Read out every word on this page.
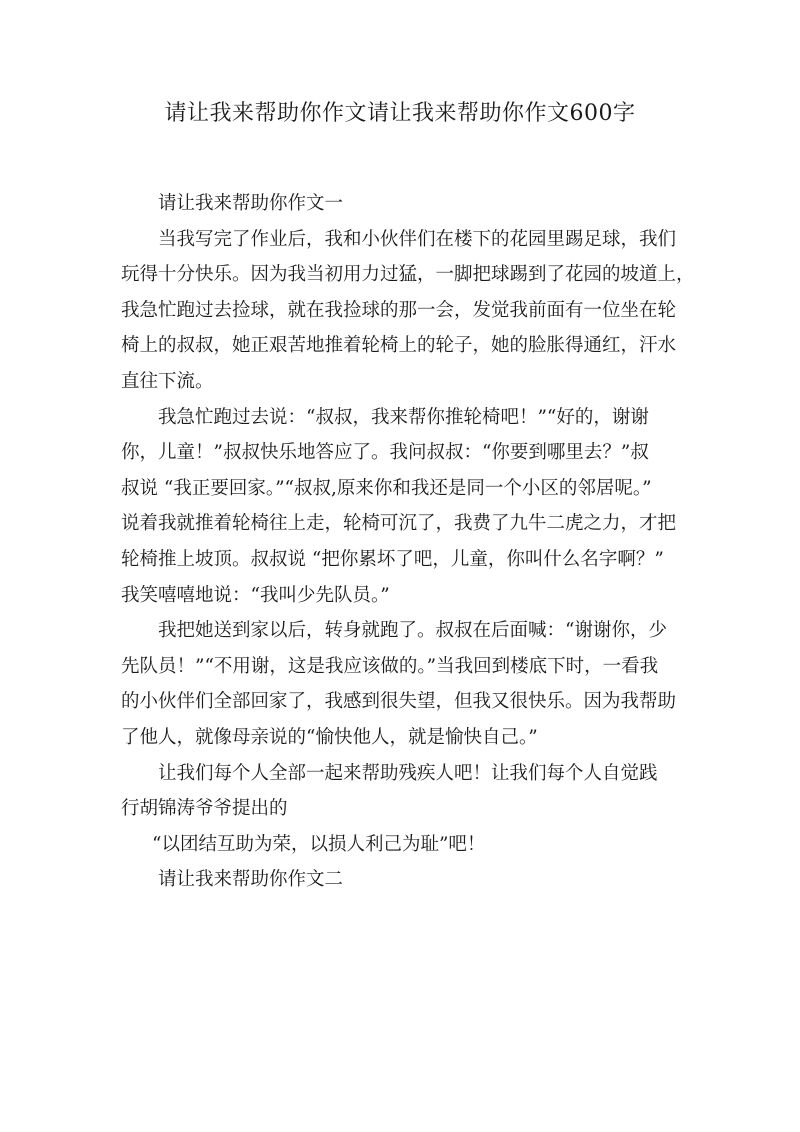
请让我来帮助你作文请让我来帮助你作文600字
请让我来帮助你作文一
当我写完了作业后，我和小伙伴们在楼下的花园里踢足球，我们
玩得十分快乐。因为我当初用力过猛，一脚把球踢到了花园的坡道上，
我急忙跑过去捡球，就在我捡球的那一会，发觉我前面有一位坐在轮
椅上的叔叔，她正艰苦地推着轮椅上的轮子，她的脸胀得通红，汗水
直往下流。
我急忙跑过去说：“叔叔，我来帮你推轮椅吧！”“好的，谢谢
你，儿童！”叔叔快乐地答应了。我问叔叔：“你要到哪里去？”叔
叔说 “我正要回家。”“叔叔,原来你和我还是同一个小区的邻居呢。”
说着我就推着轮椅往上走，轮椅可沉了，我费了九牛二虎之力，才把
轮椅推上坡顶。叔叔说 “把你累坏了吧，儿童，你叫什么名字啊？”
我笑嘻嘻地说：“我叫少先队员。”
我把她送到家以后，转身就跑了。叔叔在后面喊：“谢谢你，少
先队员！”“不用谢，这是我应该做的。”当我回到楼底下时，一看我
的小伙伴们全部回家了，我感到很失望，但我又很快乐。因为我帮助
了他人，就像母亲说的“愉快他人，就是愉快自己。”
让我们每个人全部一起来帮助残疾人吧！让我们每个人自觉践
行胡锦涛爷爷提出的
“以团结互助为荣，以损人利己为耻”吧！
请让我来帮助你作文二
